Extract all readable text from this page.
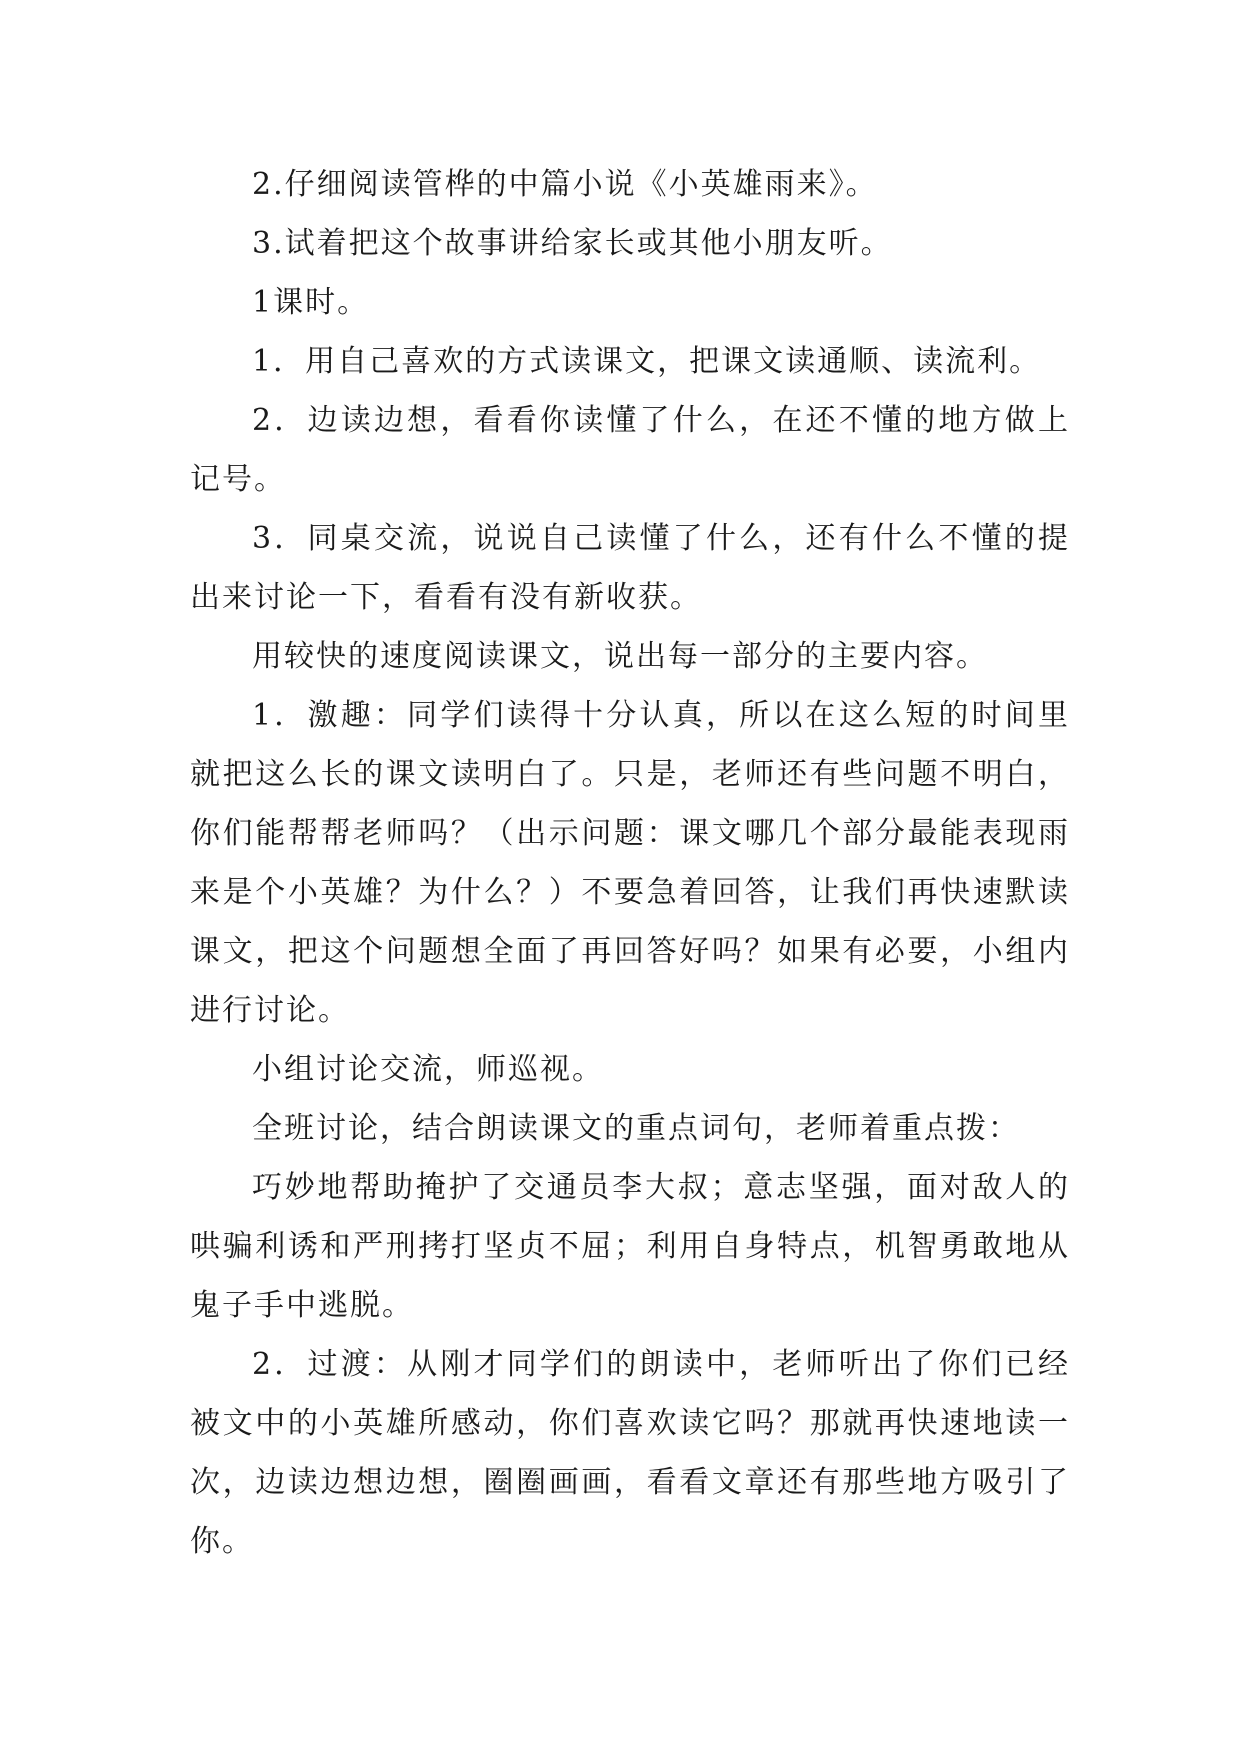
2.仔细阅读管桦的中篇小说《小英雄雨来》。

3.试着把这个故事讲给家长或其他小朋友听。

1课时。

1．用自己喜欢的方式读课文，把课文读通顺、读流利。

2．边读边想，看看你读懂了什么，在还不懂的地方做上记号。

3．同桌交流，说说自己读懂了什么，还有什么不懂的提出来讨论一下，看看有没有新收获。

用较快的速度阅读课文，说出每一部分的主要内容。

1．激趣：同学们读得十分认真，所以在这么短的时间里就把这么长的课文读明白了。只是，老师还有些问题不明白，你们能帮帮老师吗？（出示问题：课文哪几个部分最能表现雨来是个小英雄？为什么？）不要急着回答，让我们再快速默读课文，把这个问题想全面了再回答好吗？如果有必要，小组内进行讨论。

小组讨论交流，师巡视。

全班讨论，结合朗读课文的重点词句，老师着重点拨：

巧妙地帮助掩护了交通员李大叔；意志坚强，面对敌人的哄骗利诱和严刑拷打坚贞不屈；利用自身特点，机智勇敢地从鬼子手中逃脱。

2．过渡：从刚才同学们的朗读中，老师听出了你们已经被文中的小英雄所感动，你们喜欢读它吗？那就再快速地读一次，边读边想边想，圈圈画画，看看文章还有那些地方吸引了你。
